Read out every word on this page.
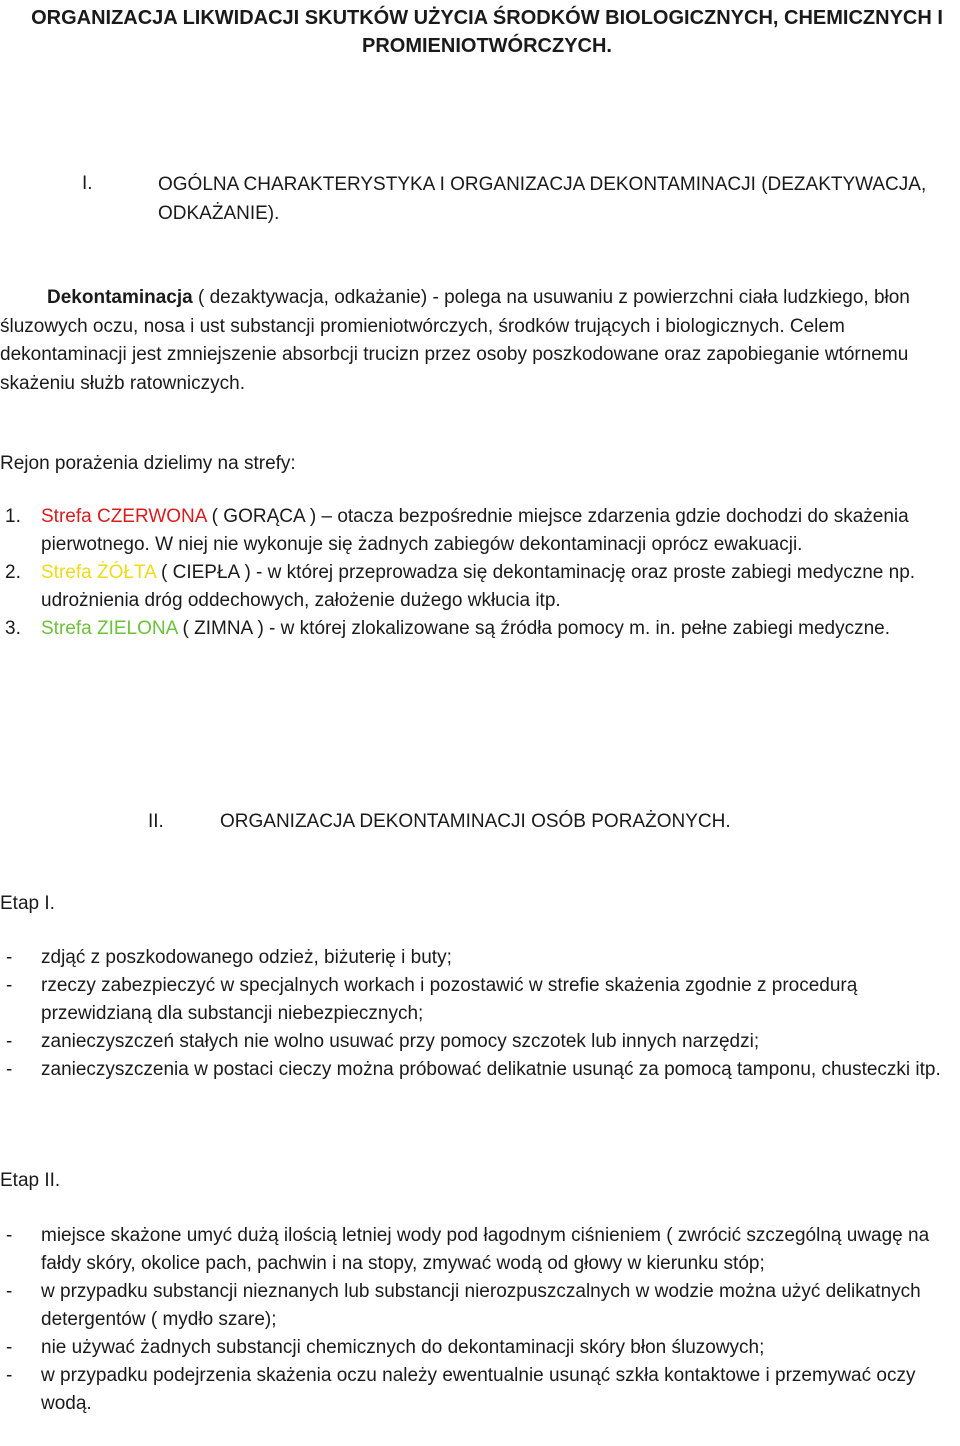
ORGANIZACJA LIKWIDACJI SKUTKÓW UŻYCIA ŚRODKÓW BIOLOGICZNYCH, CHEMICZNYCH I PROMIENIOTWÓRCZYCH.
I.	OGÓLNA CHARAKTERYSTYKA I ORGANIZACJA DEKONTAMINACJI (DEZAKTYWACJA, ODKAŻANIE).

Dekontaminacja ( dezaktywacja, odkażanie) - polega na usuwaniu z powierzchni ciała ludzkiego, błon śluzowych oczu, nosa i ust substancji promieniotwórczych, środków trujących i biologicznych. Celem dekontaminacji jest zmniejszenie absorbcji trucizn przez osoby poszkodowane oraz zapobieganie wtórnemu skażeniu służb ratowniczych.

Rejon porażenia dzielimy na strefy:

1. Strefa CZERWONA ( GORĄCA ) – otacza bezpośrednie miejsce zdarzenia gdzie dochodzi do skażenia pierwotnego. W niej nie wykonuje się żadnych zabiegów dekontaminacji oprócz ewakuacji.

2. Strefa ŻÓŁTA ( CIEPŁA ) - w której przeprowadza się dekontaminację oraz proste zabiegi medyczne np. udrożnienia dróg oddechowych, założenie dużego wkłucia itp.

3. Strefa ZIELONA ( ZIMNA ) - w której zlokalizowane są źródła pomocy m. in. pełne zabiegi medyczne.

II.	ORGANIZACJA DEKONTAMINACJI OSÓB PORAŻONYCH.
Etap I.

- zdjąć z poszkodowanego odzież, biżuterię i buty;

- rzeczy zabezpieczyć w specjalnych workach i pozostawić w strefie skażenia zgodnie z procedurą przewidzianą dla substancji niebezpiecznych;

- zanieczyszczeń stałych nie wolno usuwać przy pomocy szczotek lub innych narzędzi;

- zanieczyszczenia w postaci cieczy można próbować delikatnie usunąć za pomocą tamponu, chusteczki itp.

Etap II.

- miejsce skażone umyć dużą ilością letniej wody pod łagodnym ciśnieniem ( zwrócić szczególną uwagę na fałdy skóry, okolice pach, pachwin i na stopy, zmywać wodą od głowy w kierunku stóp;

- w przypadku substancji nieznanych lub substancji nierozpuszczalnych w wodzie można użyć delikatnych detergentów ( mydło szare);

- nie używać żadnych substancji chemicznych do dekontaminacji skóry błon śluzowych;

- w przypadku podejrzenia skażenia oczu należy ewentualnie usunąć szkła kontaktowe i przemywać oczy wodą.
